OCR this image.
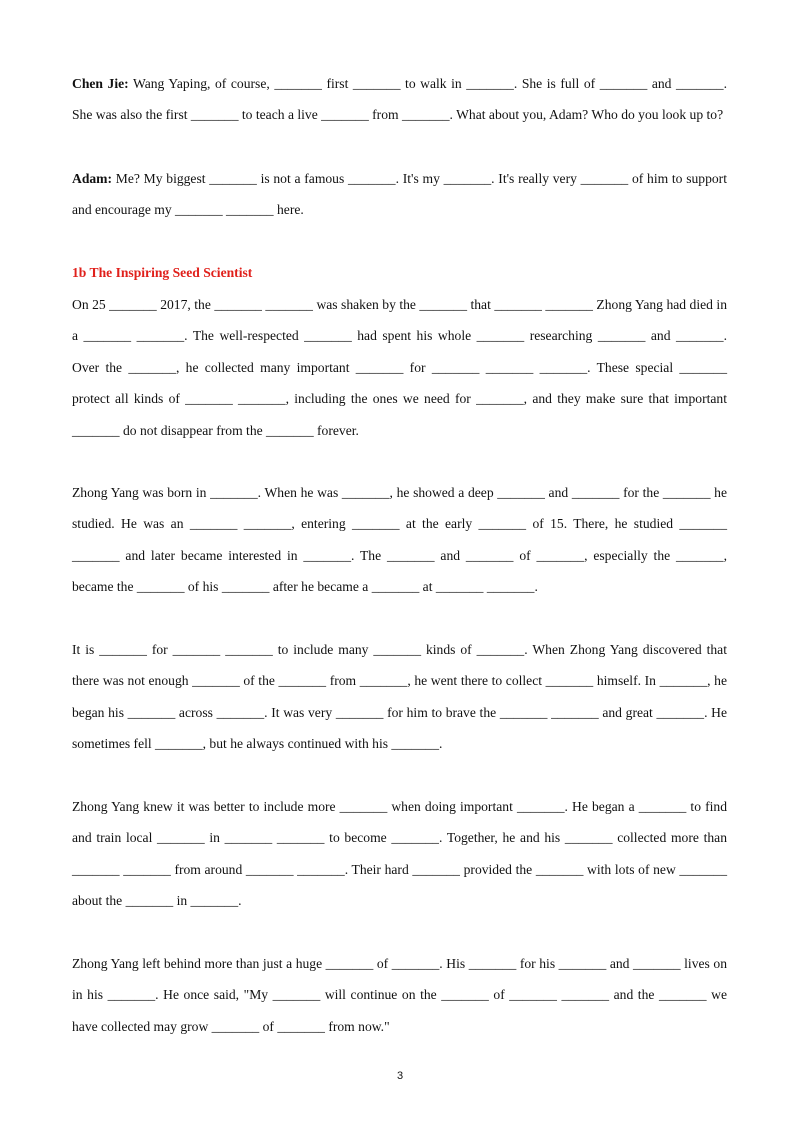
Chen Jie: Wang Yaping, of course, _______ first _______ to walk in _______. She is full of _______ and _______. She was also the first _______ to teach a live _______ from _______. What about you, Adam? Who do you look up to?

Adam: Me? My biggest _______ is not a famous _______. It's my _______. It's really very _______ of him to support and encourage my _______ _______ here.

1b The Inspiring Seed Scientist

On 25 _______ 2017, the _______ _______ was shaken by the _______ that _______ _______ Zhong Yang had died in a _______ _______. The well-respected _______ had spent his whole _______ researching _______ and _______. Over the _______, he collected many important _______ for _______ _______ _______. These special _______ protect all kinds of _______ _______, including the ones we need for _______, and they make sure that important _______ do not disappear from the _______ forever.

Zhong Yang was born in _______. When he was _______, he showed a deep _______ and _______ for the _______ he studied. He was an _______ _______, entering _______ at the early _______ of 15. There, he studied _______ _______ and later became interested in _______. The _______ and _______ of _______, especially the _______, became the _______ of his _______ after he became a _______ at _______ _______.

It is _______ for _______ _______ to include many _______ kinds of _______. When Zhong Yang discovered that there was not enough _______ of the _______ from _______, he went there to collect _______ himself. In _______, he began his _______ across _______. It was very _______ for him to brave the _______ _______ and great _______. He sometimes fell _______, but he always continued with his _______.

Zhong Yang knew it was better to include more _______ when doing important _______. He began a _______ to find and train local _______ in _______ _______ to become _______. Together, he and his _______ collected more than _______ _______ from around _______ _______. Their hard _______ provided the _______ with lots of new _______ about the _______ in _______.

Zhong Yang left behind more than just a huge _______ of _______. His _______ for his _______ and _______ lives on in his _______. He once said, "My _______ will continue on the _______ of _______ _______ and the _______ we have collected may grow _______ of _______ from now."

3
